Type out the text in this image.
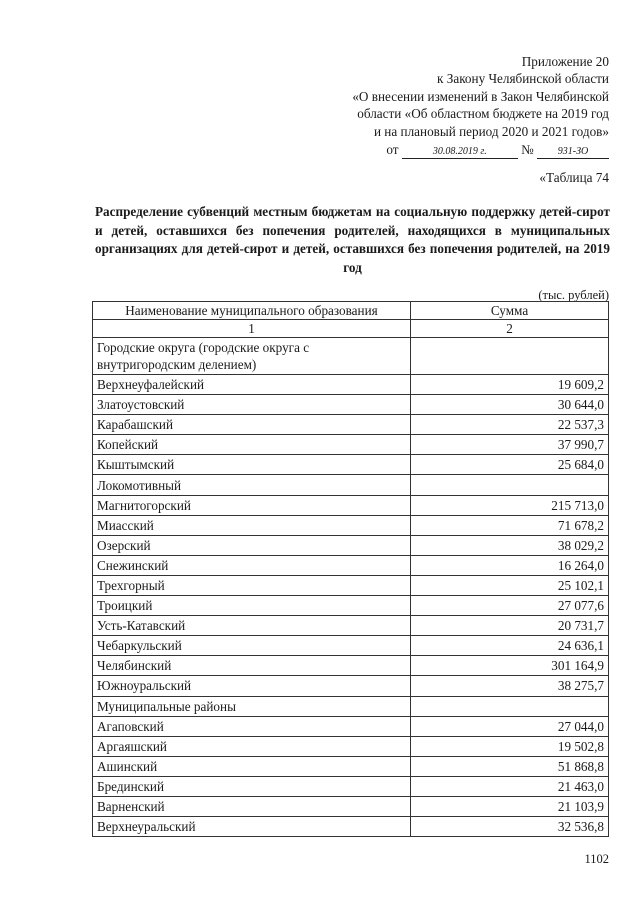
Приложение 20
к Закону Челябинской области
«О внесении изменений в Закон Челябинской
области «Об областном бюджете на 2019 год
и на плановый период 2020 и 2021 годов»
от	30.08.2019 г.	№ 931-ЗО
«Таблица 74
Распределение субвенций местным бюджетам на социальную поддержку детей-сирот и детей, оставшихся без попечения родителей, находящихся в муниципальных организациях для детей-сирот и детей, оставшихся без попечения родителей, на 2019 год
(тыс. рублей)
Наименование муниципального образования	Сумма
1	2
Городские округа (городские округа с внутригородским делением)	
Верхнеуфалейский	19 609,2
Златоустовский	30 644,0
Карабашский	22 537,3
Копейский	37 990,7
Кыштымский	25 684,0
Локомотивный	
Магнитогорский	215 713,0
Миасский	71 678,2
Озерский	38 029,2
Снежинский	16 264,0
Трехгорный	25 102,1
Троицкий	27 077,6
Усть-Катавский	20 731,7
Чебаркульский	24 636,1
Челябинский	301 164,9
Южноуральский	38 275,7
Муниципальные районы	
Агаповский	27 044,0
Аргаяшский	19 502,8
Ашинский	51 868,8
Брединский	21 463,0
Варненский	21 103,9
Верхнеуральский	32 536,8
1102
